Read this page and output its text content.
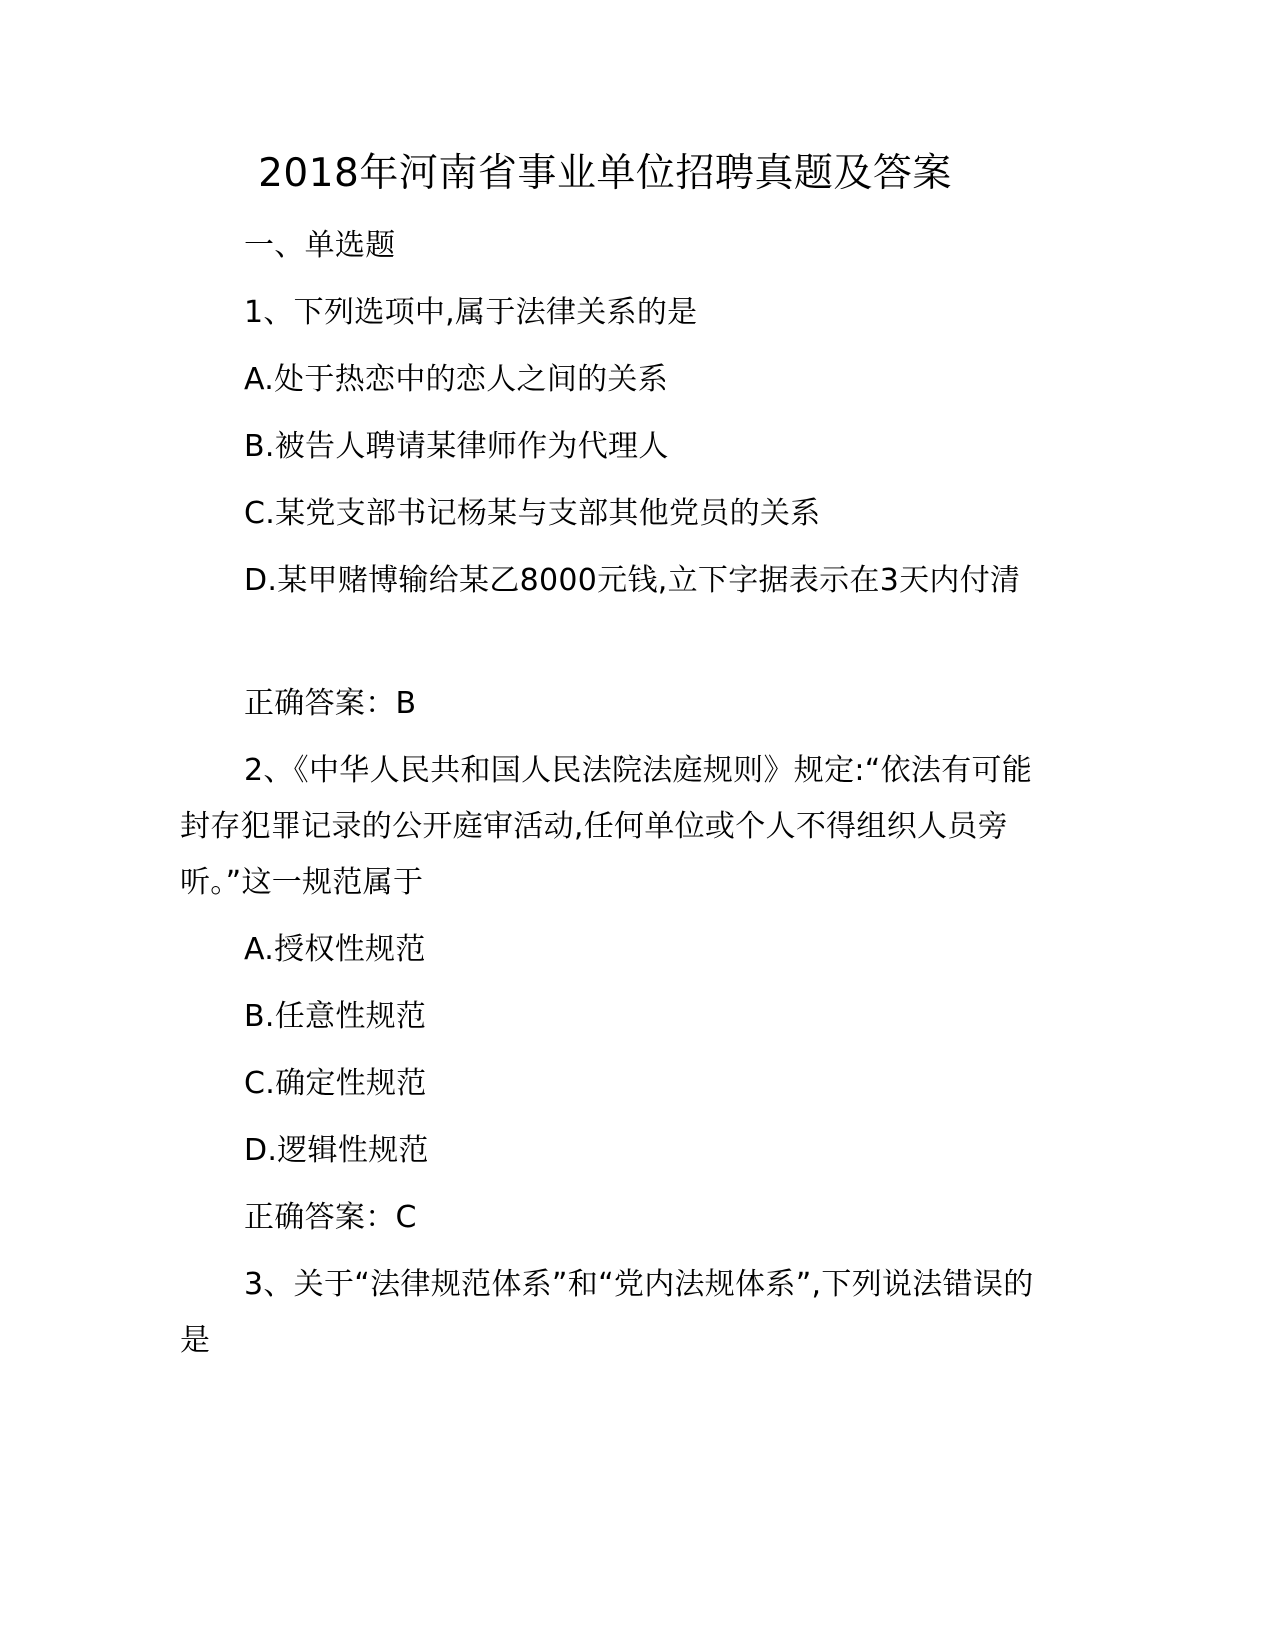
2018年河南省事业单位招聘真题及答案

一、单选题

1、下列选项中,属于法律关系的是

A.处于热恋中的恋人之间的关系

B.被告人聘请某律师作为代理人

C.某党支部书记杨某与支部其他党员的关系

D.某甲赌博输给某乙8000元钱,立下字据表示在3天内付清

正确答案：B

2、《中华人民共和国人民法院法庭规则》规定:“依法有可能封存犯罪记录的公开庭审活动,任何单位或个人不得组织人员旁听。”这一规范属于

A.授权性规范

B.任意性规范

C.确定性规范

D.逻辑性规范

正确答案：C

3、关于“法律规范体系”和“党内法规体系”,下列说法错误的是
